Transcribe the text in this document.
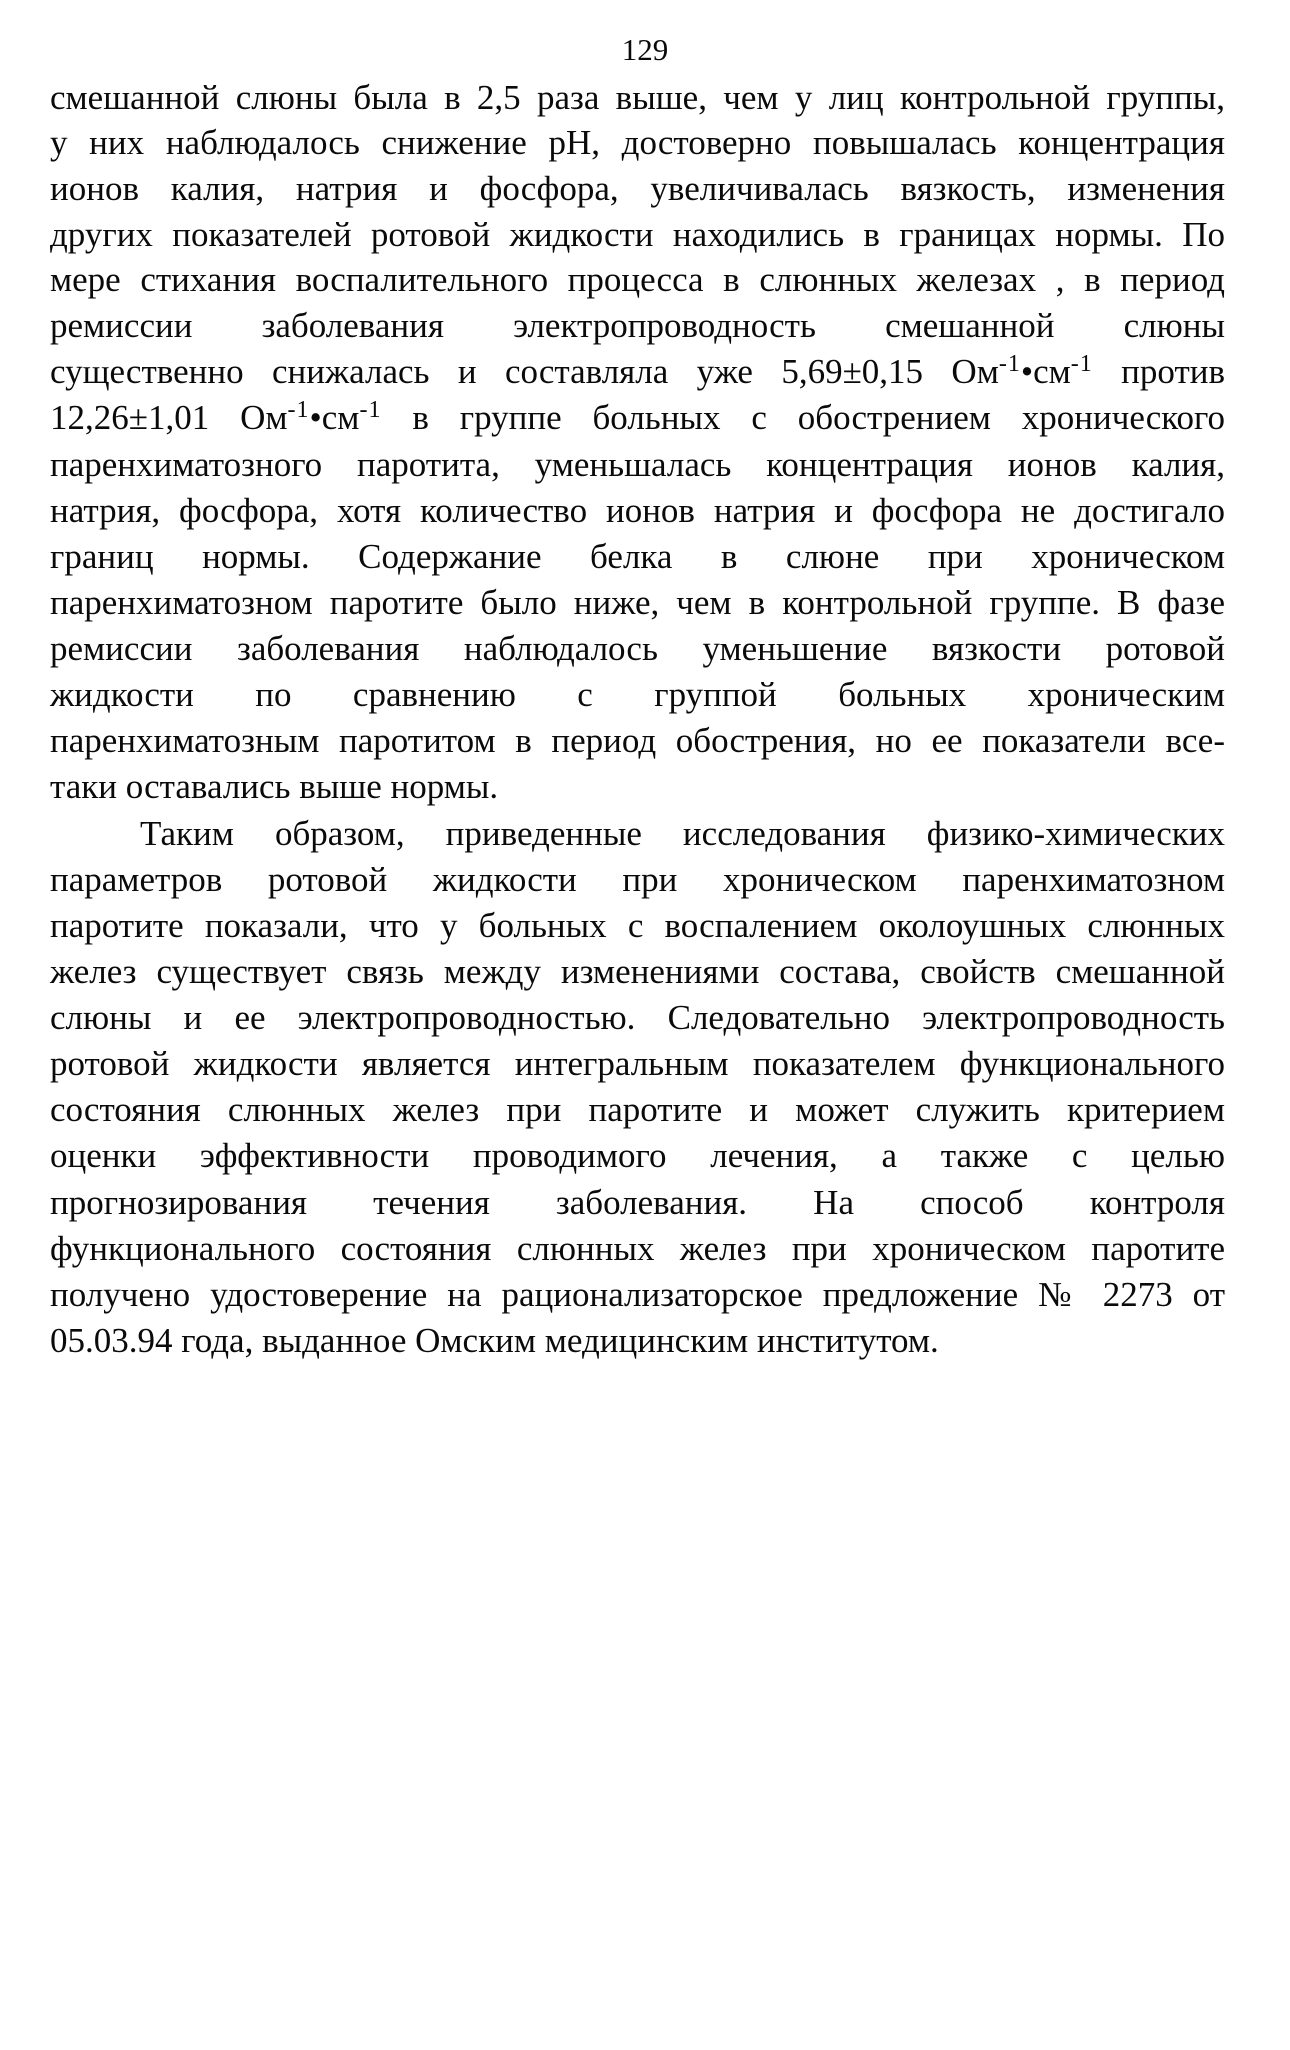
129
смешанной слюны была в 2,5 раза выше, чем у лиц контрольной группы,
у них наблюдалось снижение pH, достоверно повышалась концентрация
ионов калия, натрия и фосфора, увеличивалась вязкость, изменения
других показателей ротовой жидкости находились в границах нормы. По
мере стихания воспалительного процесса в слюнных железах , в период
ремиссии заболевания электропроводность смешанной слюны
существенно снижалась и составляла уже 5,69±0,15 $Ом^{-1}•см^{-1}$ против
12,26±1,01 $Ом^{-1}•см^{-1}$ в группе больных с обострением хронического
паренхиматозного паротита, уменьшалась концентрация ионов калия,
натрия, фосфора, хотя количество ионов натрия и фосфора не достигало
границ нормы. Содержание белка в слюне при хроническом
паренхиматозном паротите было ниже, чем в контрольной группе. В фазе
ремиссии заболевания наблюдалось уменьшение вязкости ротовой
жидкости по сравнению с группой больных хроническим
паренхиматозным паротитом в период обострения, но ее показатели все-
таки оставались выше нормы.
Таким образом, приведенные исследования физико-химических
параметров ротовой жидкости при хроническом паренхиматозном
паротите показали, что у больных с воспалением околоушных слюнных
желез существует связь между изменениями состава, свойств смешанной
слюны и ее электропроводностью. Следовательно электропроводность
ротовой жидкости является интегральным показателем функционального
состояния слюнных желез при паротите и может служить критерием
оценки эффективности проводимого лечения, а также с целью
прогнозирования течения заболевания. На способ контроля
функционального состояния слюнных желез при хроническом паротите
получено удостоверение на рационализаторское предложение № 2273 от
05.03.94 года, выданное Омским медицинским институтом.
